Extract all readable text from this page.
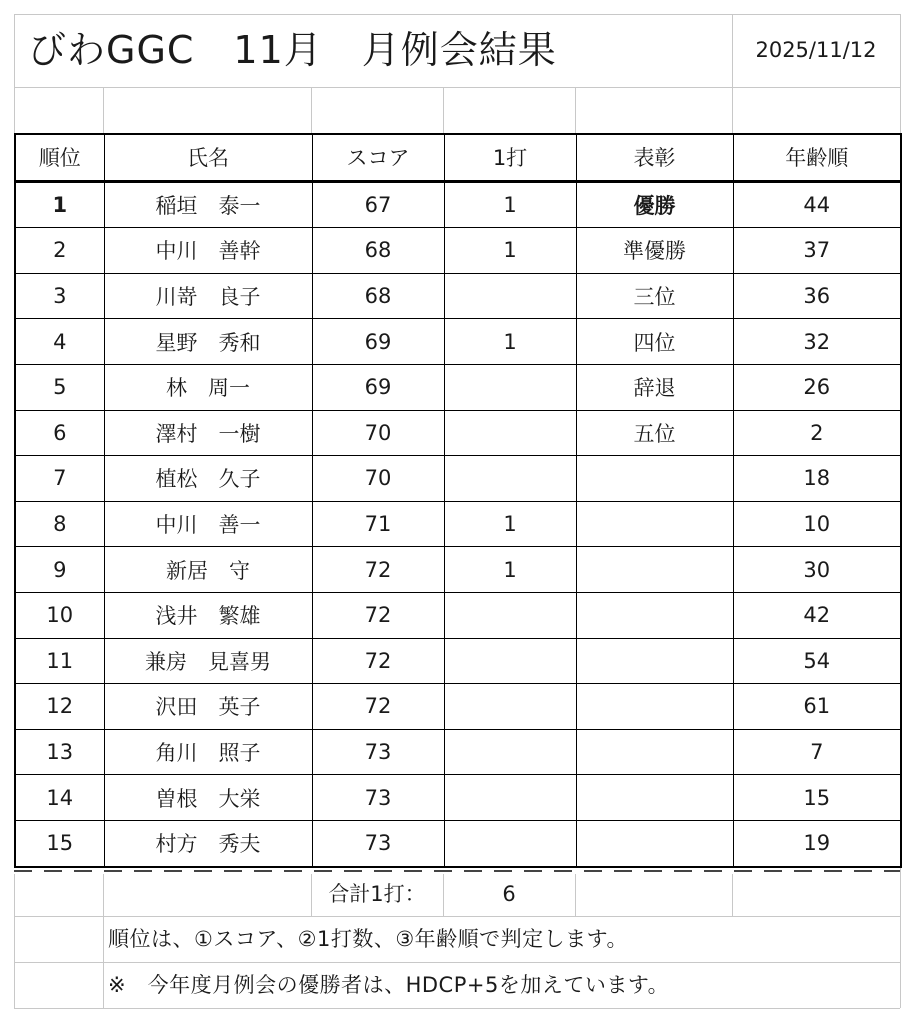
びわGGC　11月　月例会結果	2025/11/12
順位	氏名	スコア	1打	表彰	年齢順
1	稲垣　泰一	67	1	優勝	44
2	中川　善幹	68	1	準優勝	37
3	川嵜　良子	68		三位	36
4	星野　秀和	69	1	四位	32
5	林　周一	69		辞退	26
6	澤村　一樹	70		五位	2
7	植松　久子	70			18
8	中川　善一	71	1		10
9	新居　守	72	1		30
10	浅井　繁雄	72			42
11	兼房　見喜男	72			54
12	沢田　英子	72			61
13	角川　照子	73			7
14	曽根　大栄	73			15
15	村方　秀夫	73			19
合計1打：	6
順位は、①スコア、②1打数、③年齢順で判定します。
※　今年度月例会の優勝者は、HDCP+5を加えています。
